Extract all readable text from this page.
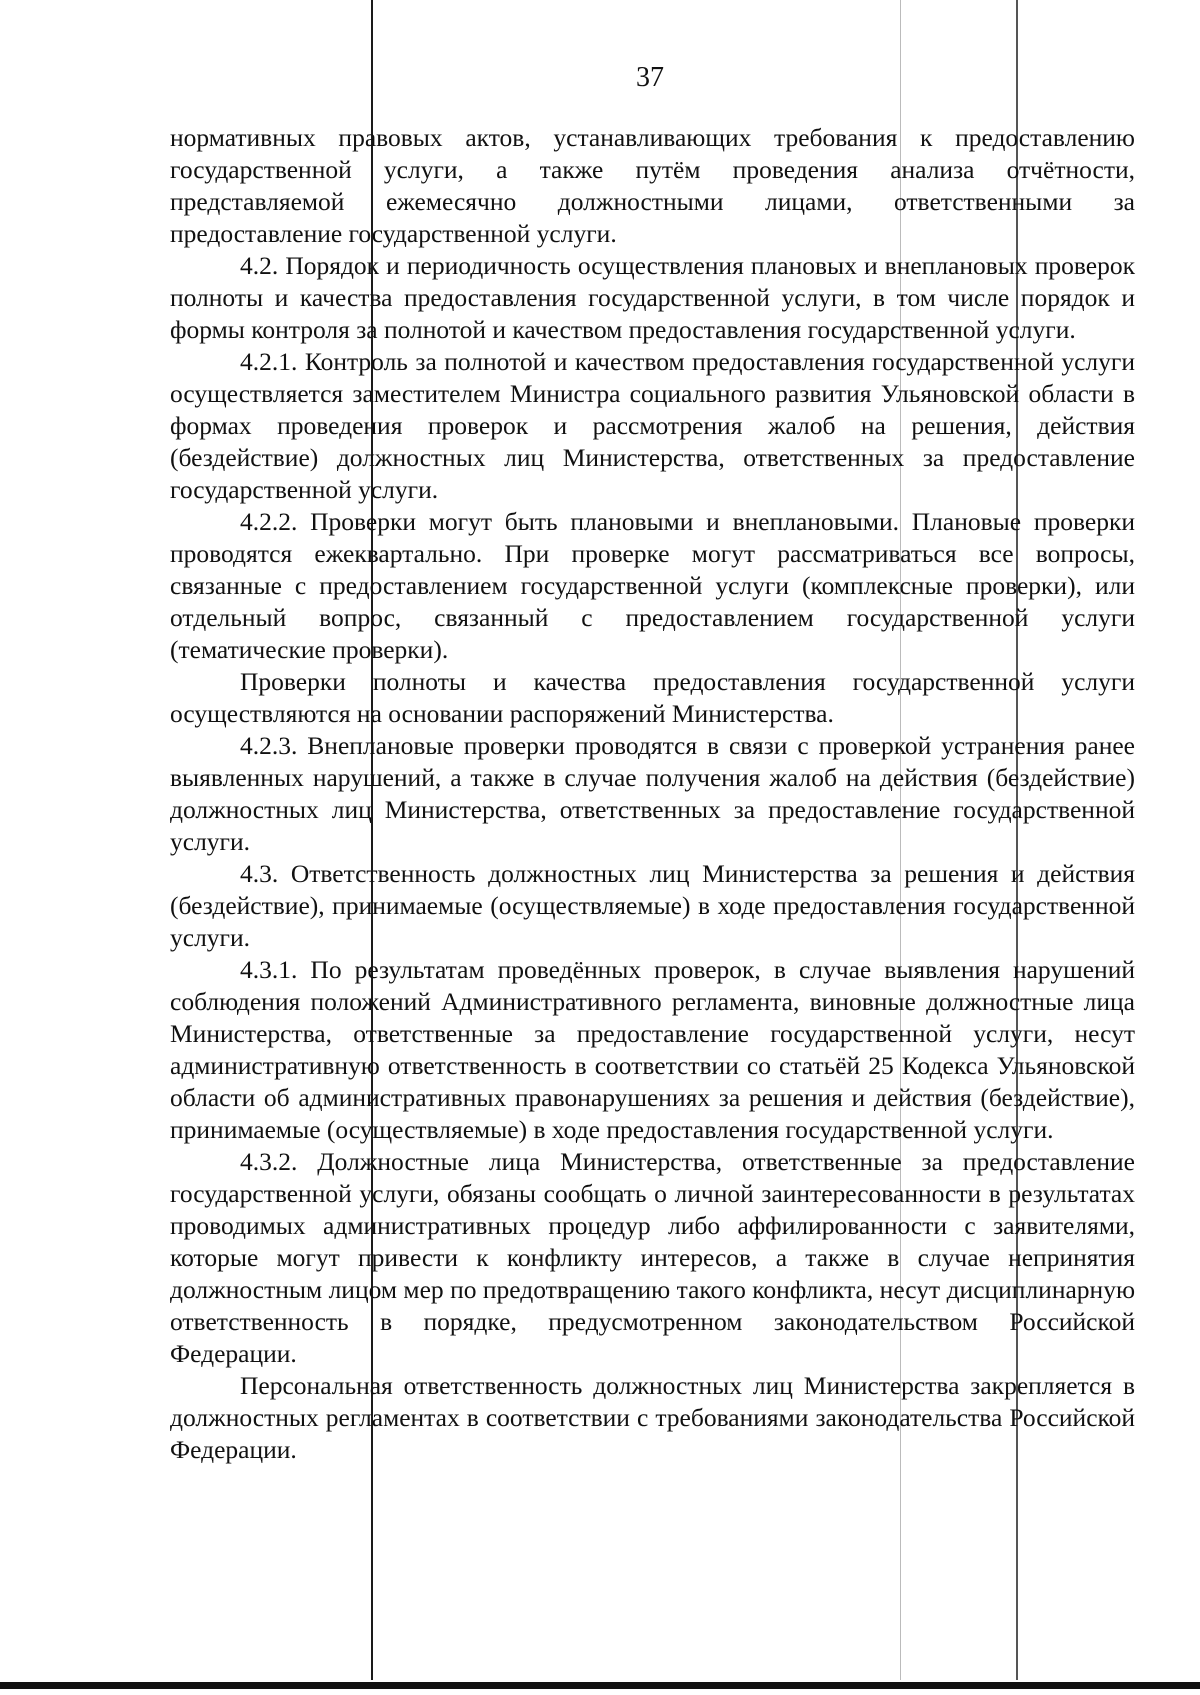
37

нормативных правовых актов, устанавливающих требования к предоставлению государственной услуги, а также путём проведения анализа отчётности, представляемой ежемесячно должностными лицами, ответственными за предоставление государственной услуги.

4.2. Порядок и периодичность осуществления плановых и внеплановых проверок полноты и качества предоставления государственной услуги, в том числе порядок и формы контроля за полнотой и качеством предоставления государственной услуги.

4.2.1. Контроль за полнотой и качеством предоставления государственной услуги осуществляется заместителем Министра социального развития Ульяновской области в формах проведения проверок и рассмотрения жалоб на решения, действия (бездействие) должностных лиц Министерства, ответственных за предоставление государственной услуги.

4.2.2. Проверки могут быть плановыми и внеплановыми. Плановые проверки проводятся ежеквартально. При проверке могут рассматриваться все вопросы, связанные с предоставлением государственной услуги (комплексные проверки), или отдельный вопрос, связанный с предоставлением государственной услуги (тематические проверки).

Проверки полноты и качества предоставления государственной услуги осуществляются на основании распоряжений Министерства.

4.2.3. Внеплановые проверки проводятся в связи с проверкой устранения ранее выявленных нарушений, а также в случае получения жалоб на действия (бездействие) должностных лиц Министерства, ответственных за предоставление государственной услуги.

4.3. Ответственность должностных лиц Министерства за решения и действия (бездействие), принимаемые (осуществляемые) в ходе предоставления государственной услуги.

4.3.1. По результатам проведённых проверок, в случае выявления нарушений соблюдения положений Административного регламента, виновные должностные лица Министерства, ответственные за предоставление государственной услуги, несут административную ответственность в соответствии со статьёй 25 Кодекса Ульяновской области об административных правонарушениях за решения и действия (бездействие), принимаемые (осуществляемые) в ходе предоставления государственной услуги.

4.3.2. Должностные лица Министерства, ответственные за предоставление государственной услуги, обязаны сообщать о личной заинтересованности в результатах проводимых административных процедур либо аффилированности с заявителями, которые могут привести к конфликту интересов, а также в случае непринятия должностным лицом мер по предотвращению такого конфликта, несут дисциплинарную ответственность в порядке, предусмотренном законодательством Российской Федерации.

Персональная ответственность должностных лиц Министерства закрепляется в должностных регламентах в соответствии с требованиями законодательства Российской Федерации.
